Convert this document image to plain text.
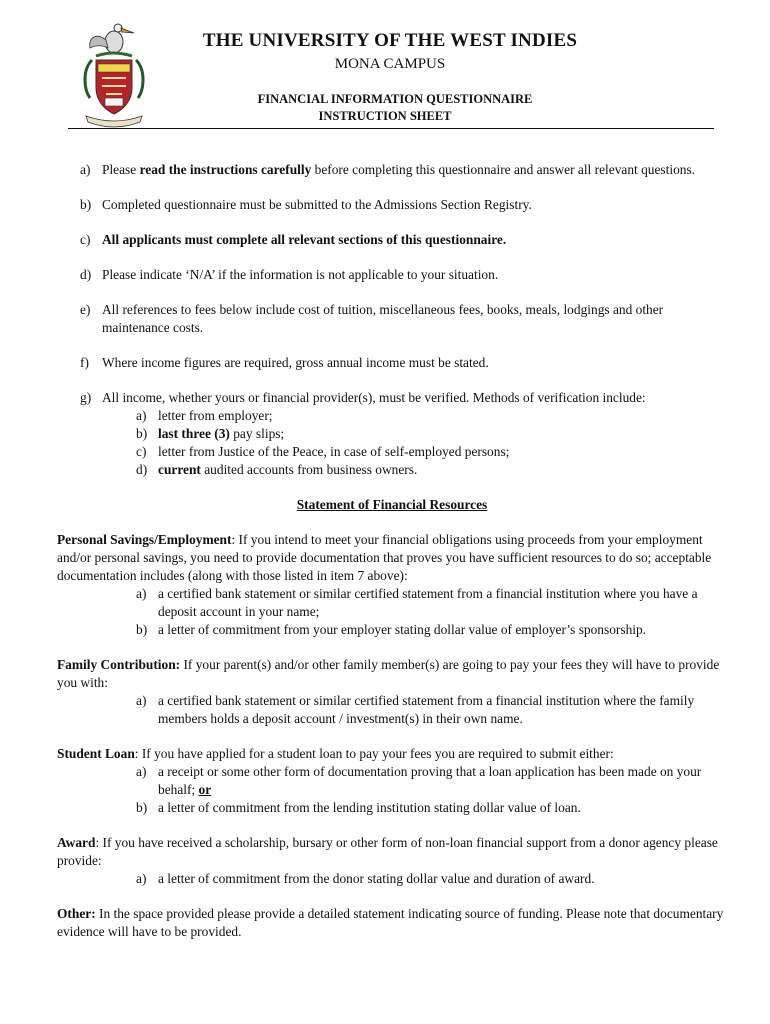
THE UNIVERSITY OF THE WEST INDIES
MONA CAMPUS
FINANCIAL INFORMATION QUESTIONNAIRE
INSTRUCTION SHEET
a) Please read the instructions carefully before completing this questionnaire and answer all relevant questions.
b) Completed questionnaire must be submitted to the Admissions Section Registry.
c) All applicants must complete all relevant sections of this questionnaire.
d) Please indicate ‘N/A’ if the information is not applicable to your situation.
e) All references to fees below include cost of tuition, miscellaneous fees, books, meals, lodgings and other maintenance costs.
f) Where income figures are required, gross annual income must be stated.
g) All income, whether yours or financial provider(s), must be verified. Methods of verification include:
a) letter from employer;
b) last three (3) pay slips;
c) letter from Justice of the Peace, in case of self-employed persons;
d) current audited accounts from business owners.
Statement of Financial Resources

Personal Savings/Employment: If you intend to meet your financial obligations using proceeds from your employment and/or personal savings, you need to provide documentation that proves you have sufficient resources to do so; acceptable documentation includes (along with those listed in item 7 above):

a) a certified bank statement or similar certified statement from a financial institution where you have a deposit account in your name;
b) a letter of commitment from your employer stating dollar value of employer’s sponsorship.

Family Contribution: If your parent(s) and/or other family member(s) are going to pay your fees they will have to provide you with:

a) a certified bank statement or similar certified statement from a financial institution where the family members holds a deposit account / investment(s) in their own name.

Student Loan: If you have applied for a student loan to pay your fees you are required to submit either:

a) a receipt or some other form of documentation proving that a loan application has been made on your behalf; or
b) a letter of commitment from the lending institution stating dollar value of loan.

Award: If you have received a scholarship, bursary or other form of non-loan financial support from a donor agency please provide:

a) a letter of commitment from the donor stating dollar value and duration of award.

Other: In the space provided please provide a detailed statement indicating source of funding. Please note that documentary evidence will have to be provided.
